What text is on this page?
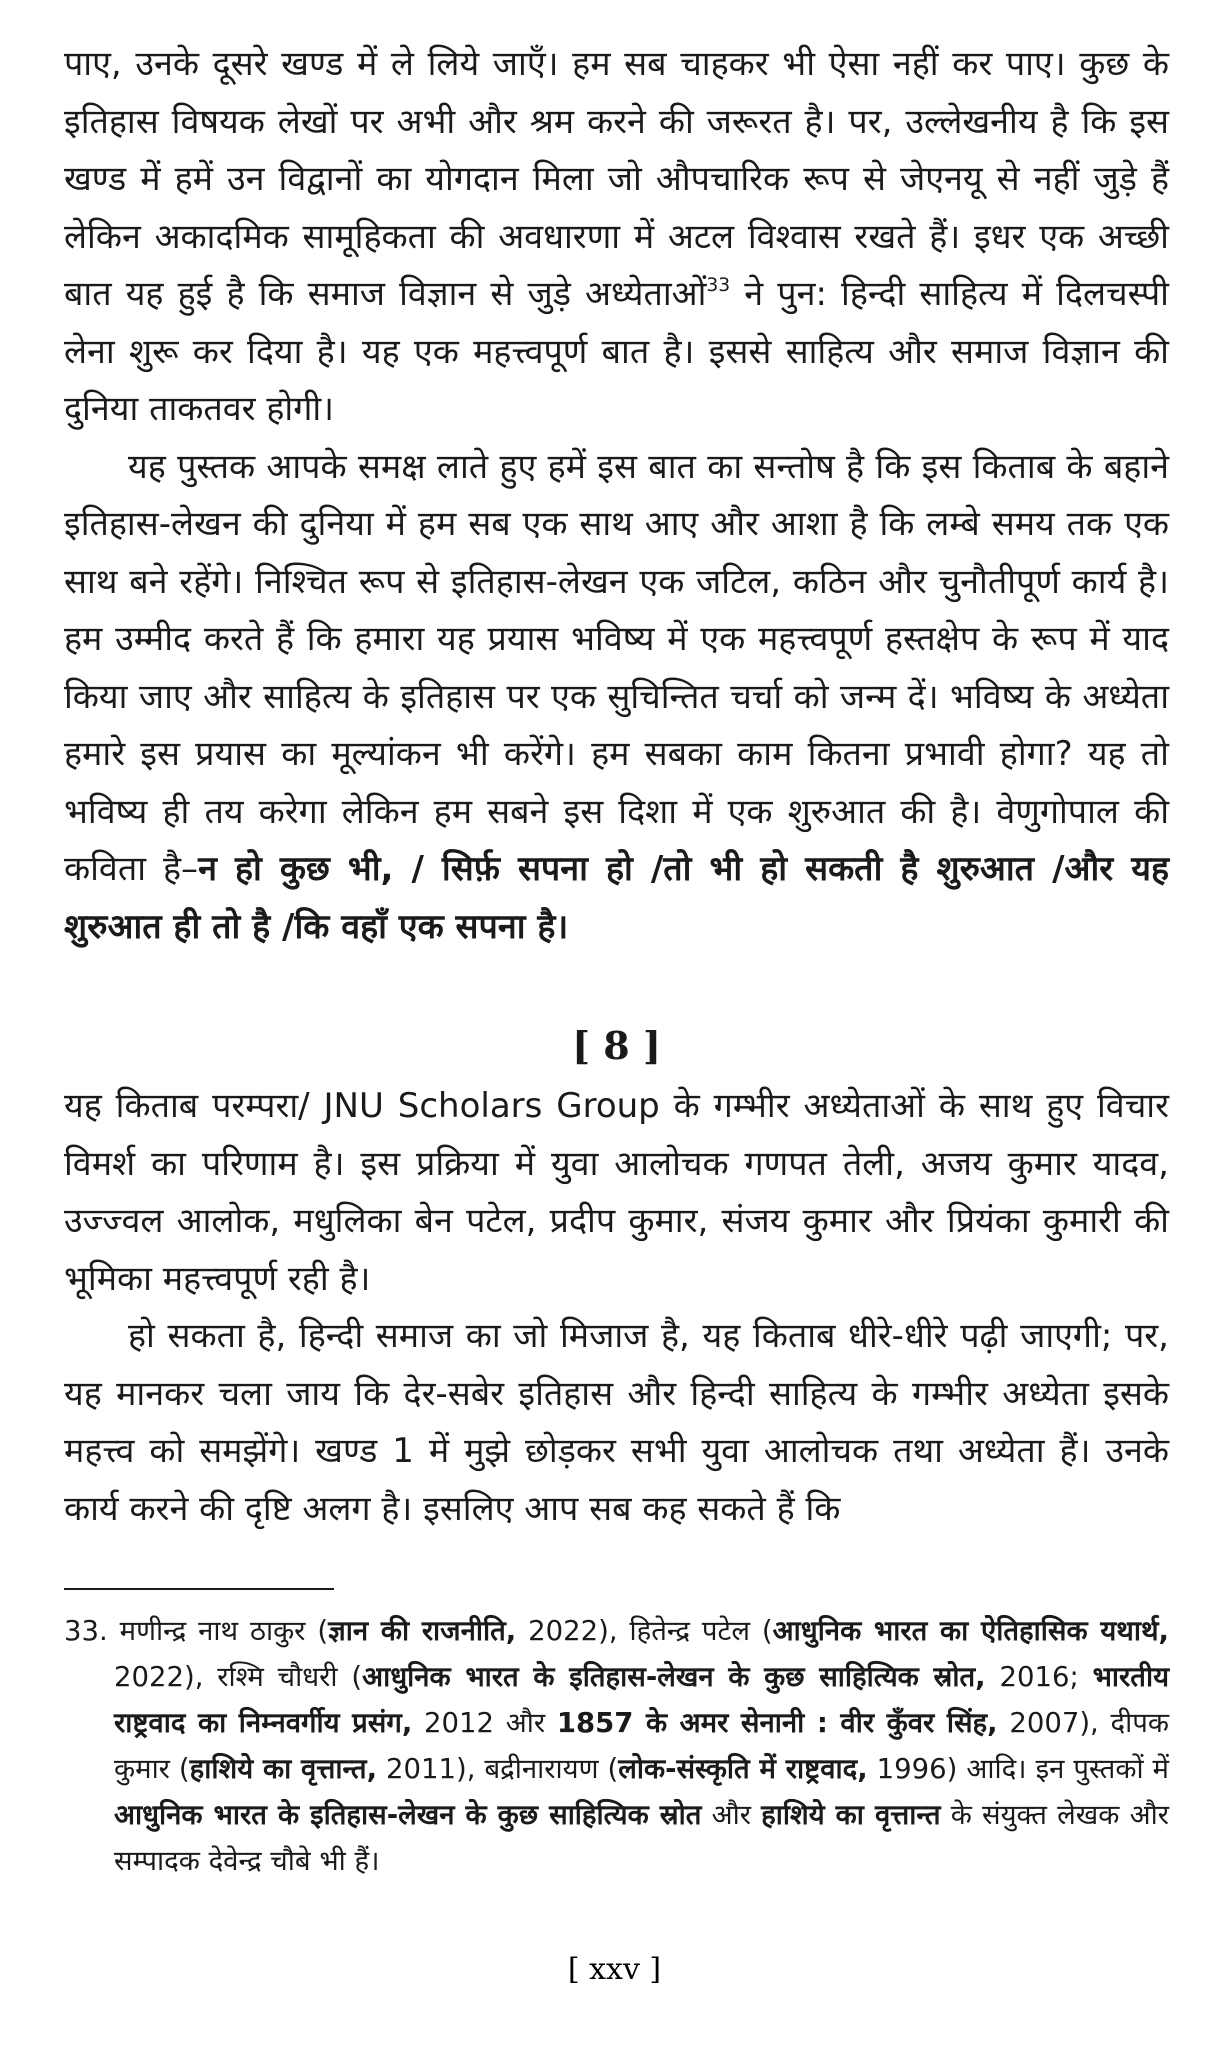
पाए, उनके दूसरे खण्ड में ले लिये जाएँ। हम सब चाहकर भी ऐसा नहीं कर पाए। कुछ के इतिहास विषयक लेखों पर अभी और श्रम करने की जरूरत है। पर, उल्लेखनीय है कि इस खण्ड में हमें उन विद्वानों का योगदान मिला जो औपचारिक रूप से जेएनयू से नहीं जुड़े हैं लेकिन अकादमिक सामूहिकता की अवधारणा में अटल विश्वास रखते हैं। इधर एक अच्छी बात यह हुई है कि समाज विज्ञान से जुड़े अध्येताओं$^{33}$ ने पुन: हिन्दी साहित्य में दिलचस्पी लेना शुरू कर दिया है। यह एक महत्त्वपूर्ण बात है। इससे साहित्य और समाज विज्ञान की दुनिया ताकतवर होगी।

यह पुस्तक आपके समक्ष लाते हुए हमें इस बात का सन्तोष है कि इस किताब के बहाने इतिहास-लेखन की दुनिया में हम सब एक साथ आए और आशा है कि लम्बे समय तक एक साथ बने रहेंगे। निश्चित रूप से इतिहास-लेखन एक जटिल, कठिन और चुनौतीपूर्ण कार्य है। हम उम्मीद करते हैं कि हमारा यह प्रयास भविष्य में एक महत्त्वपूर्ण हस्तक्षेप के रूप में याद किया जाए और साहित्य के इतिहास पर एक सुचिन्तित चर्चा को जन्म दें। भविष्य के अध्येता हमारे इस प्रयास का मूल्यांकन भी करेंगे। हम सबका काम कितना प्रभावी होगा? यह तो भविष्य ही तय करेगा लेकिन हम सबने इस दिशा में एक शुरुआत की है। वेणुगोपाल की कविता है–न हो कुछ भी, / सिर्फ़ सपना हो /तो भी हो सकती है शुरुआत /और यह शुरुआत ही तो है /कि वहाँ एक सपना है।

[ 8 ]

यह किताब परम्परा/ JNU Scholars Group के गम्भीर अध्येताओं के साथ हुए विचार विमर्श का परिणाम है। इस प्रक्रिया में युवा आलोचक गणपत तेली, अजय कुमार यादव, उज्ज्वल आलोक, मधुलिका बेन पटेल, प्रदीप कुमार, संजय कुमार और प्रियंका कुमारी की भूमिका महत्त्वपूर्ण रही है।

हो सकता है, हिन्दी समाज का जो मिजाज है, यह किताब धीरे-धीरे पढ़ी जाएगी; पर, यह मानकर चला जाय कि देर-सबेर इतिहास और हिन्दी साहित्य के गम्भीर अध्येता इसके महत्त्व को समझेंगे। खण्ड 1 में मुझे छोड़कर सभी युवा आलोचक तथा अध्येता हैं। उनके कार्य करने की दृष्टि अलग है। इसलिए आप सब कह सकते हैं कि

33. मणीन्द्र नाथ ठाकुर (ज्ञान की राजनीति, 2022), हितेन्द्र पटेल (आधुनिक भारत का ऐतिहासिक यथार्थ, 2022), रश्मि चौधरी (आधुनिक भारत के इतिहास-लेखन के कुछ साहित्यिक स्रोत, 2016; भारतीय राष्ट्रवाद का निम्नवर्गीय प्रसंग, 2012 और 1857 के अमर सेनानी : वीर कुँवर सिंह, 2007), दीपक कुमार (हाशिये का वृत्तान्त, 2011), बद्रीनारायण (लोक-संस्कृति में राष्ट्रवाद, 1996) आदि। इन पुस्तकों में आधुनिक भारत के इतिहास-लेखन के कुछ साहित्यिक स्रोत और हाशिये का वृत्तान्त के संयुक्त लेखक और सम्पादक देवेन्द्र चौबे भी हैं।

[ xxv ]
